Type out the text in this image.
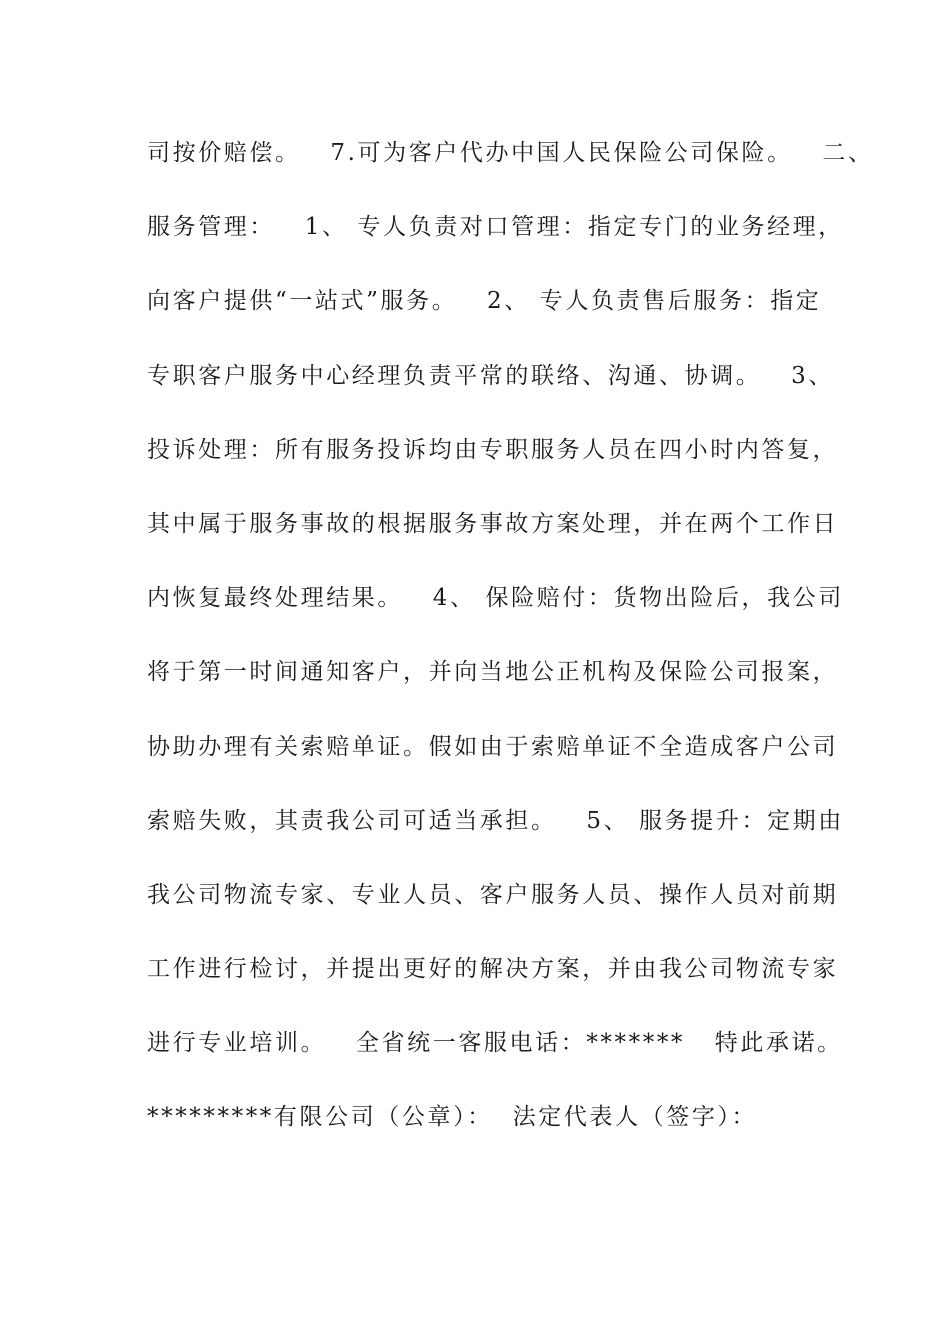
司按价赔偿。   7.可为客户代办中国人民保险公司保险。   二、
服务管理：   1、 专人负责对口管理：指定专门的业务经理，
向客户提供“一站式”服务。   2、 专人负责售后服务：指定
专职客户服务中心经理负责平常的联络、沟通、协调。   3、
投诉处理：所有服务投诉均由专职服务人员在四小时内答复，
其中属于服务事故的根据服务事故方案处理，并在两个工作日
内恢复最终处理结果。   4、 保险赔付：货物出险后，我公司
将于第一时间通知客户，并向当地公正机构及保险公司报案，
协助办理有关索赔单证。假如由于索赔单证不全造成客户公司
索赔失败，其责我公司可适当承担。   5、 服务提升：定期由
我公司物流专家、专业人员、客户服务人员、操作人员对前期
工作进行检讨，并提出更好的解决方案，并由我公司物流专家
进行专业培训。   全省统一客服电话：*******   特此承诺。
*********有限公司（公章）：  法定代表人（签字）：
